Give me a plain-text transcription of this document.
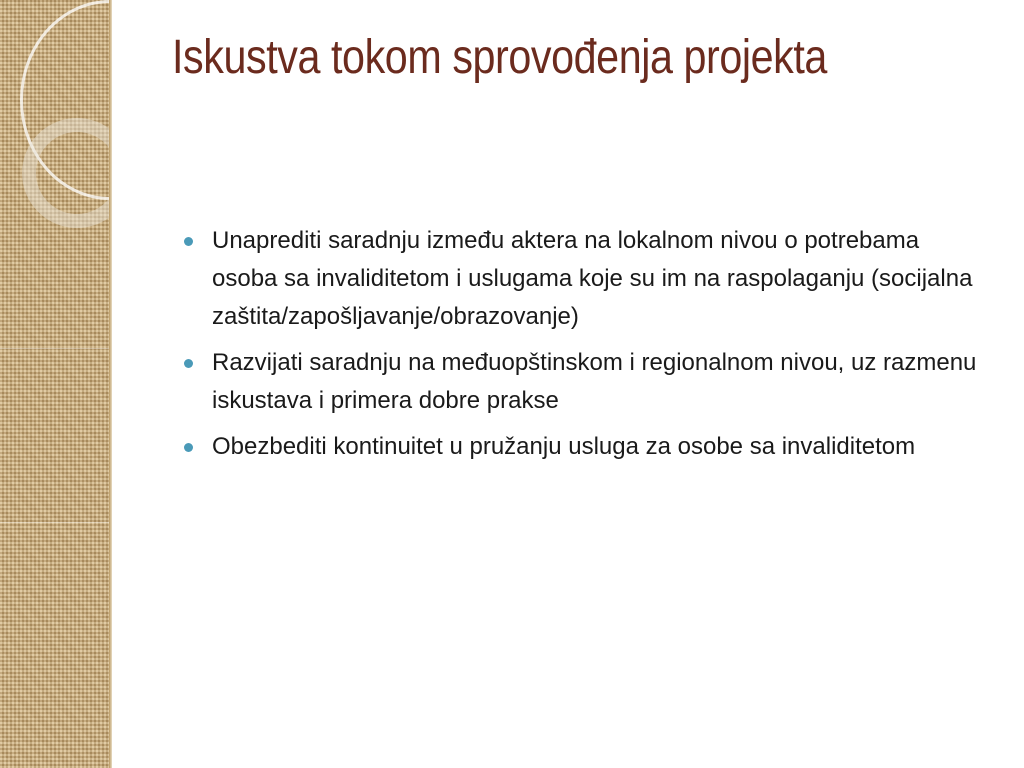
Iskustva tokom sprovođenja projekta
Unaprediti saradnju između aktera na lokalnom nivou o potrebama osoba sa invaliditetom i uslugama koje su im na raspolaganju (socijalna zaštita/zapošljavanje/obrazovanje)
Razvijati saradnju na međuopštinskom i regionalnom nivou, uz razmenu iskustava i primera dobre prakse
Obezbediti kontinuitet u pružanju usluga za osobe sa invaliditetom
